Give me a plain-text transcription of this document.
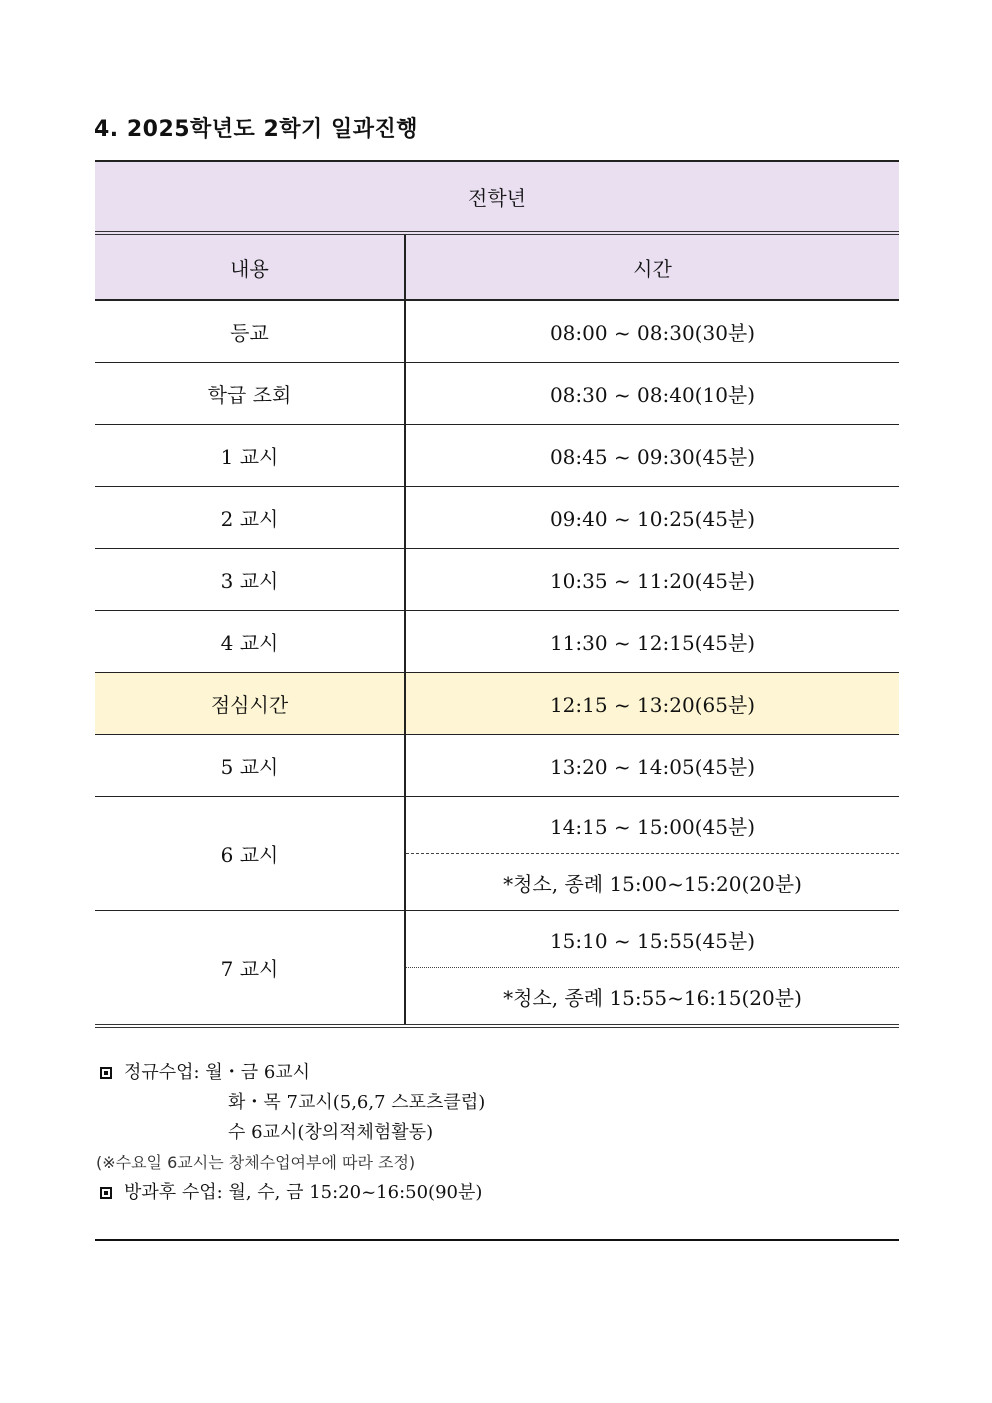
4. 2025학년도 2학기 일과진행
전학년	
내용	시간
등교	08:00 ~ 08:30(30분)
학급 조회	08:30 ~ 08:40(10분)
1 교시	08:45 ~ 09:30(45분)
2 교시	09:40 ~ 10:25(45분)
3 교시	10:35 ~ 11:20(45분)
4 교시	11:30 ~ 12:15(45분)
점심시간	12:15 ~ 13:20(65분)
5 교시	13:20 ~ 14:05(45분)
6 교시	14:15 ~ 15:00(45분)
	*청소, 종례 15:00~15:20(20분)
7 교시	15:10 ~ 15:55(45분)
	*청소, 종례 15:55~16:15(20분)
정규수업: 월・금 6교시
화・목 7교시(5,6,7 스포츠클럽)
수 6교시(창의적체험활동)
(※수요일 6교시는 창체수업여부에 따라 조정)
방과후 수업: 월, 수, 금 15:20~16:50(90분)
